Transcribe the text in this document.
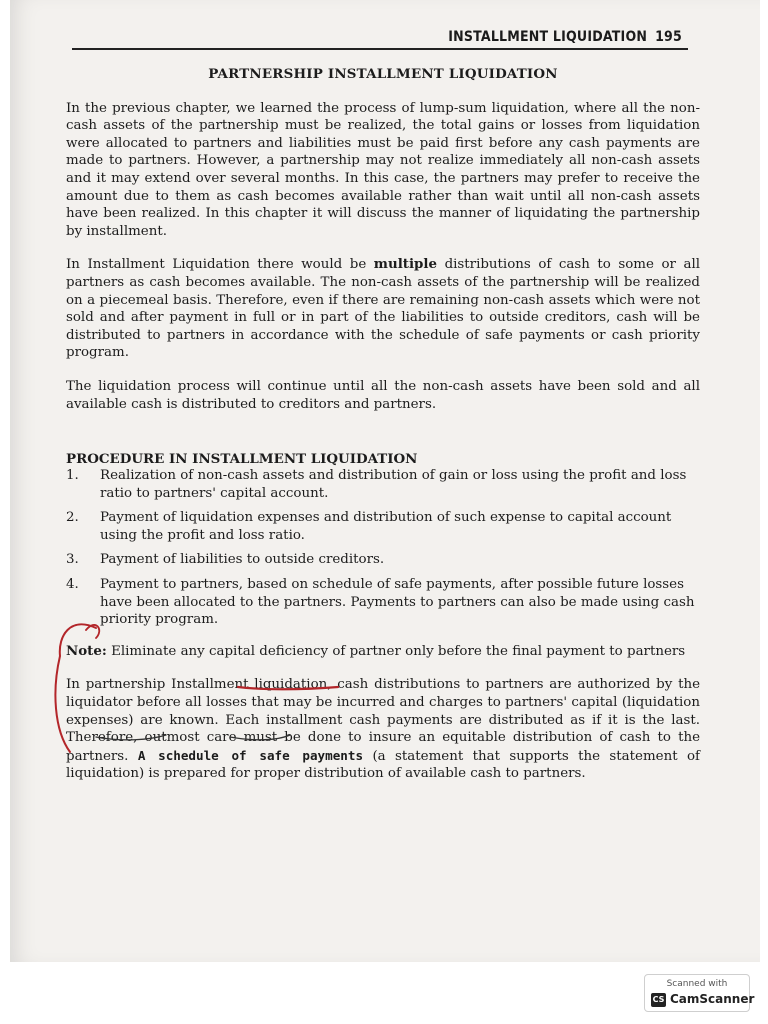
INSTALLMENT LIQUIDATION 195
PARTNERSHIP INSTALLMENT LIQUIDATION

In the previous chapter, we learned the process of lump-sum liquidation, where all the non-cash assets of the partnership must be realized, the total gains or losses from liquidation were allocated to partners and liabilities must be paid first before any cash payments are made to partners. However, a partnership may not realize immediately all non-cash assets and it may extend over several months. In this case, the partners may prefer to receive the amount due to them as cash becomes available rather than wait until all non-cash assets have been realized. In this chapter it will discuss the manner of liquidating the partnership by installment.

In Installment Liquidation there would be multiple distributions of cash to some or all partners as cash becomes available. The non-cash assets of the partnership will be realized on a piecemeal basis. Therefore, even if there are remaining non-cash assets which were not sold and after payment in full or in part of the liabilities to outside creditors, cash will be distributed to partners in accordance with the schedule of safe payments or cash priority program.

The liquidation process will continue until all the non-cash assets have been sold and all available cash is distributed to creditors and partners.

PROCEDURE IN INSTALLMENT LIQUIDATION
1.	Realization of non-cash assets and distribution of gain or loss using the profit and loss ratio to partners' capital account.
2.	Payment of liquidation expenses and distribution of such expense to capital account using the profit and loss ratio.
3.	Payment of liabilities to outside creditors.
4.	Payment to partners, based on schedule of safe payments, after possible future losses have been allocated to the partners. Payments to partners can also be made using cash priority program.

Note: Eliminate any capital deficiency of partner only before the final payment to partners

In partnership Installment liquidation, cash distributions to partners are authorized by the liquidator before all losses that may be incurred and charges to partners' capital (liquidation expenses) are known. Each installment cash payments are distributed as if it is the last. Therefore, outmost care must be done to insure an equitable distribution of cash to the partners. A schedule of safe payments (a statement that supports the statement of liquidation) is prepared for proper distribution of available cash to partners.

Scanned with
CS CamScanner
